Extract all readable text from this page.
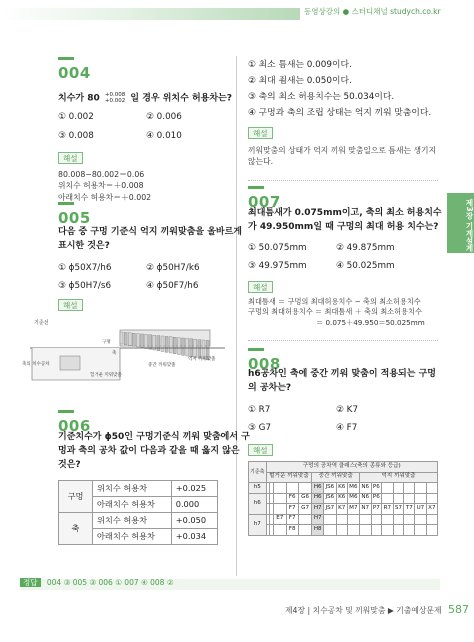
동영상강의 ● 스터디채널 studych.co.kr
제3장 기계설계
004
치수가 80 +0.008
+0.002 일 경우 위치수 허용차는?
① 0.002	② 0.006
③ 0.008	④ 0.010
해설
80.008−80.002＝0.06
위치수 허용차＝＋0.008
아래치수 허용차＝＋0.002
005
다음 중 구멍 기준식 억지 끼워맞춤을 올바르게
표시한 것은?
① ϕ50X7/h6	② ϕ50H7/k6
③ ϕ50H7/s6	④ ϕ50F7/h6
해설
기준선
축의 치수공차
축
구멍
억지 끼워맞춤
중간 끼워맞춤
헐거운 끼워맞춤
006
기준치수가 ϕ50인 구멍기준식 끼워 맞춤에서 구
멍과 축의 공차 값이 다음과 같을 때 옳지 않은
것은?
구멍	위치수 허용차	+0.025
	아래치수 허용차	0.000
축	위치수 허용차	+0.050
	아래치수 허용차	+0.034
① 최소 틈새는 0.009이다.
② 최대 죔새는 0.050이다.
③ 축의 최소 허용치수는 50.034이다.
④ 구멍과 축의 조립 상태는 억지 끼워 맞춤이다.
해설
끼워맞춤의 상태가 억지 끼워 맞춤일으로 틈새는 생기지
않는다.
007
최대틈새가 0.075mm이고, 축의 최소 허용치수
가 49.950mm일 때 구멍의 최대 허용 치수는?
① 50.075mm	② 49.875mm
③ 49.975mm	④ 50.025mm
해설
최대틈새 ＝ 구멍의 최대허용치수 − 축의 최소허용치수
구멍의 최대허용치수 ＝ 최대틈새 ＋ 축의 최소허용치수
＝ 0.075＋49.950＝50.025mm
008
h6공차인 축에 중간 끼워 맞춤이 적용되는 구멍
의 공차는?
① R7	② K7
③ G7	④ F7
해설
기준축	구멍의 공차역 클래스(축의 종류와 등급)															
	헐거운 끼워맞춤					중간 끼워맞춤				억지 끼워맞춤						
h5						H6	JS6	K6	M6	N6	P6					
h6				F6	G6	H6	JS6	K6	M6	N6	P6					
				F7	G7	H7	JS7	K7	M7	N7	P7	R7	S7	T7	U7	X7
h7			E7	F7		H7										
				F8		H8										
정답 004 ③ 005 ③ 006 ① 007 ④ 008 ②
제4장 | 치수공차 및 끼워맞춤 ▶ 기출예상문제 587
